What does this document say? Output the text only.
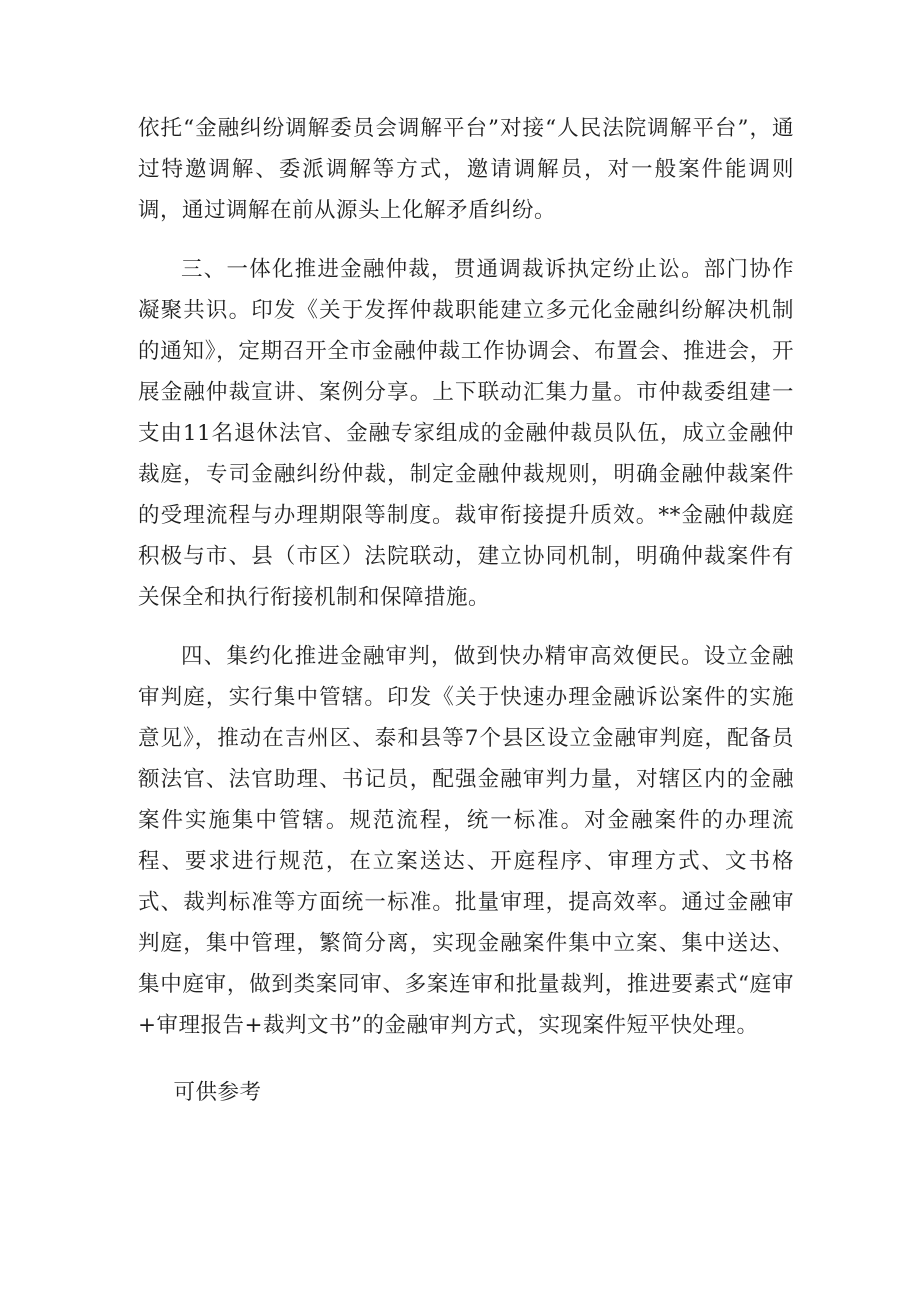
依托“金融纠纷调解委员会调解平台”对接“人民法院调解平台”，通过特邀调解、委派调解等方式，邀请调解员，对一般案件能调则调，通过调解在前从源头上化解矛盾纠纷。

三、一体化推进金融仲裁，贯通调裁诉执定纷止讼。部门协作凝聚共识。印发《关于发挥仲裁职能建立多元化金融纠纷解决机制的通知》，定期召开全市金融仲裁工作协调会、布置会、推进会，开展金融仲裁宣讲、案例分享。上下联动汇集力量。市仲裁委组建一支由11名退休法官、金融专家组成的金融仲裁员队伍，成立金融仲裁庭，专司金融纠纷仲裁，制定金融仲裁规则，明确金融仲裁案件的受理流程与办理期限等制度。裁审衔接提升质效。**金融仲裁庭积极与市、县（市区）法院联动，建立协同机制，明确仲裁案件有关保全和执行衔接机制和保障措施。

四、集约化推进金融审判，做到快办精审高效便民。设立金融审判庭，实行集中管辖。印发《关于快速办理金融诉讼案件的实施意见》，推动在吉州区、泰和县等7个县区设立金融审判庭，配备员额法官、法官助理、书记员，配强金融审判力量，对辖区内的金融案件实施集中管辖。规范流程，统一标准。对金融案件的办理流程、要求进行规范，在立案送达、开庭程序、审理方式、文书格式、裁判标准等方面统一标准。批量审理，提高效率。通过金融审判庭，集中管理，繁简分离，实现金融案件集中立案、集中送达、集中庭审，做到类案同审、多案连审和批量裁判，推进要素式“庭审+审理报告+裁判文书”的金融审判方式，实现案件短平快处理。

可供参考
